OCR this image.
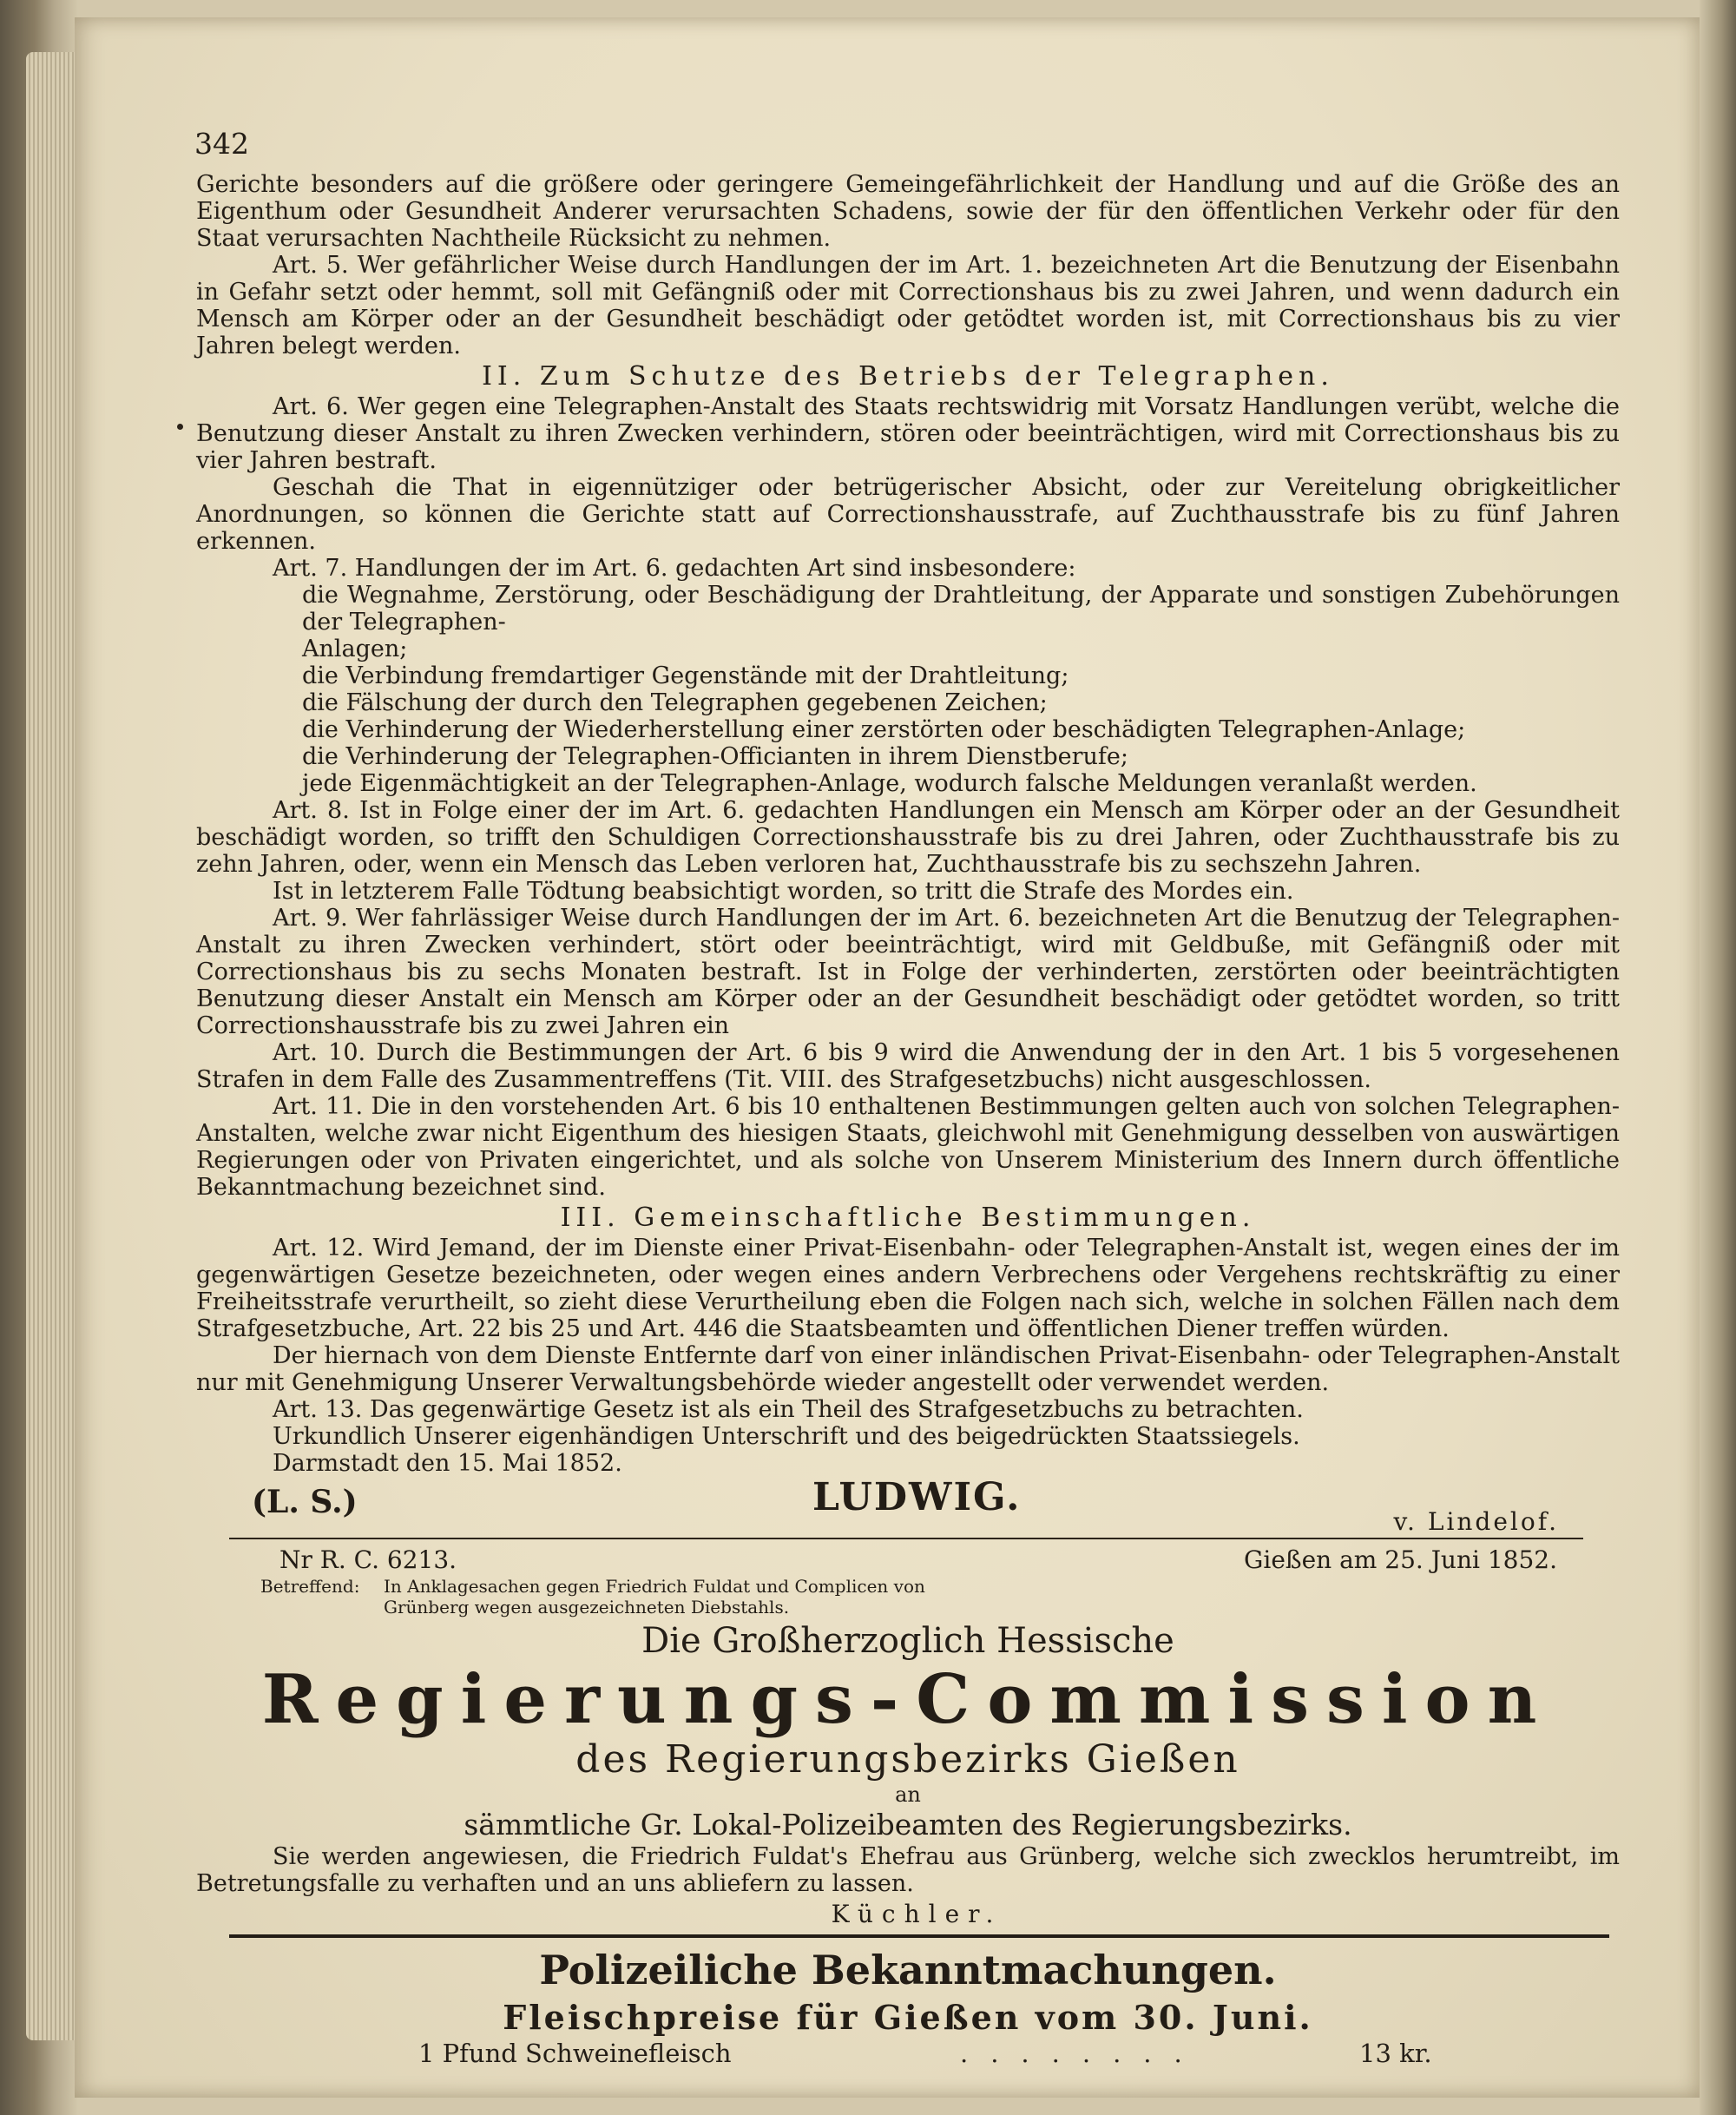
342

Gerichte besonders auf die größere oder geringere Gemeingefährlichkeit der Handlung und auf die Größe des an Eigenthum oder Gesundheit Anderer verursachten Schadens, sowie der für den öffentlichen Verkehr oder für den Staat verursachten Nachtheile Rücksicht zu nehmen.

Art. 5. Wer gefährlicher Weise durch Handlungen der im Art. 1. bezeichneten Art die Benutzung der Eisenbahn in Gefahr setzt oder hemmt, soll mit Gefängniß oder mit Correctionshaus bis zu zwei Jahren, und wenn dadurch ein Mensch am Körper oder an der Gesundheit beschädigt oder getödtet worden ist, mit Correctionshaus bis zu vier Jahren belegt werden.

II. Zum Schutze des Betriebs der Telegraphen.

Art. 6. Wer gegen eine Telegraphen-Anstalt des Staats rechtswidrig mit Vorsatz Handlungen verübt, welche die Benutzung dieser Anstalt zu ihren Zwecken verhindern, stören oder beeinträchtigen, wird mit Correctionshaus bis zu vier Jahren bestraft.

Geschah die That in eigennütziger oder betrügerischer Absicht, oder zur Vereitelung obrigkeitlicher Anordnungen, so können die Gerichte statt auf Correctionshausstrafe, auf Zuchthausstrafe bis zu fünf Jahren erkennen.

Art. 7. Handlungen der im Art. 6. gedachten Art sind insbesondere:

die Wegnahme, Zerstörung, oder Beschädigung der Drahtleitung, der Apparate und sonstigen Zubehörungen der Telegraphen-

Anlagen;

die Verbindung fremdartiger Gegenstände mit der Drahtleitung;

die Fälschung der durch den Telegraphen gegebenen Zeichen;

die Verhinderung der Wiederherstellung einer zerstörten oder beschädigten Telegraphen-Anlage;

die Verhinderung der Telegraphen-Officianten in ihrem Dienstberufe;

jede Eigenmächtigkeit an der Telegraphen-Anlage, wodurch falsche Meldungen veranlaßt werden.

Art. 8. Ist in Folge einer der im Art. 6. gedachten Handlungen ein Mensch am Körper oder an der Gesundheit beschädigt worden, so trifft den Schuldigen Correctionshausstrafe bis zu drei Jahren, oder Zuchthausstrafe bis zu zehn Jahren, oder, wenn ein Mensch das Leben verloren hat, Zuchthausstrafe bis zu sechszehn Jahren.

Ist in letzterem Falle Tödtung beabsichtigt worden, so tritt die Strafe des Mordes ein.

Art. 9. Wer fahrlässiger Weise durch Handlungen der im Art. 6. bezeichneten Art die Benutzug der Telegraphen-Anstalt zu ihren Zwecken verhindert, stört oder beeinträchtigt, wird mit Geldbuße, mit Gefängniß oder mit Correctionshaus bis zu sechs Monaten bestraft. Ist in Folge der verhinderten, zerstörten oder beeinträchtigten Benutzung dieser Anstalt ein Mensch am Körper oder an der Gesundheit beschädigt oder getödtet worden, so tritt Correctionshausstrafe bis zu zwei Jahren ein

Art. 10. Durch die Bestimmungen der Art. 6 bis 9 wird die Anwendung der in den Art. 1 bis 5 vorgesehenen Strafen in dem Falle des Zusammentreffens (Tit. VIII. des Strafgesetzbuchs) nicht ausgeschlossen.

Art. 11. Die in den vorstehenden Art. 6 bis 10 enthaltenen Bestimmungen gelten auch von solchen Telegraphen-Anstalten, welche zwar nicht Eigenthum des hiesigen Staats, gleichwohl mit Genehmigung desselben von auswärtigen Regierungen oder von Privaten eingerichtet, und als solche von Unserem Ministerium des Innern durch öffentliche Bekanntmachung bezeichnet sind.

III. Gemeinschaftliche Bestimmungen.

Art. 12. Wird Jemand, der im Dienste einer Privat-Eisenbahn- oder Telegraphen-Anstalt ist, wegen eines der im gegenwärtigen Gesetze bezeichneten, oder wegen eines andern Verbrechens oder Vergehens rechtskräftig zu einer Freiheitsstrafe verurtheilt, so zieht diese Verurtheilung eben die Folgen nach sich, welche in solchen Fällen nach dem Strafgesetzbuche, Art. 22 bis 25 und Art. 446 die Staatsbeamten und öffentlichen Diener treffen würden.

Der hiernach von dem Dienste Entfernte darf von einer inländischen Privat-Eisenbahn- oder Telegraphen-Anstalt nur mit Genehmigung Unserer Verwaltungsbehörde wieder angestellt oder verwendet werden.

Art. 13. Das gegenwärtige Gesetz ist als ein Theil des Strafgesetzbuchs zu betrachten.

Urkundlich Unserer eigenhändigen Unterschrift und des beigedrückten Staatssiegels.

Darmstadt den 15. Mai 1852.

(L. S.)	LUDWIG.
v. Lindelof.
Nr R. C. 6213.	Gießen am 25. Juni 1852.
Betreffend: In Anklagesachen gegen Friedrich Fuldat und Complicen von
Grünberg wegen ausgezeichneten Diebstahls.
Die Großherzoglich Hessische
Regierungs-Commission
des Regierungsbezirks Gießen
an
sämmtliche Gr. Lokal-Polizeibeamten des Regierungsbezirks.

Sie werden angewiesen, die Friedrich Fuldat's Ehefrau aus Grünberg, welche sich zwecklos herumtreibt, im Betretungsfalle zu verhaften und an uns abliefern zu lassen.

Küchler.
Polizeiliche Bekanntmachungen.
Fleischpreise für Gießen vom 30. Juni.
1 Pfund Schweinefleisch	........	13 kr.
